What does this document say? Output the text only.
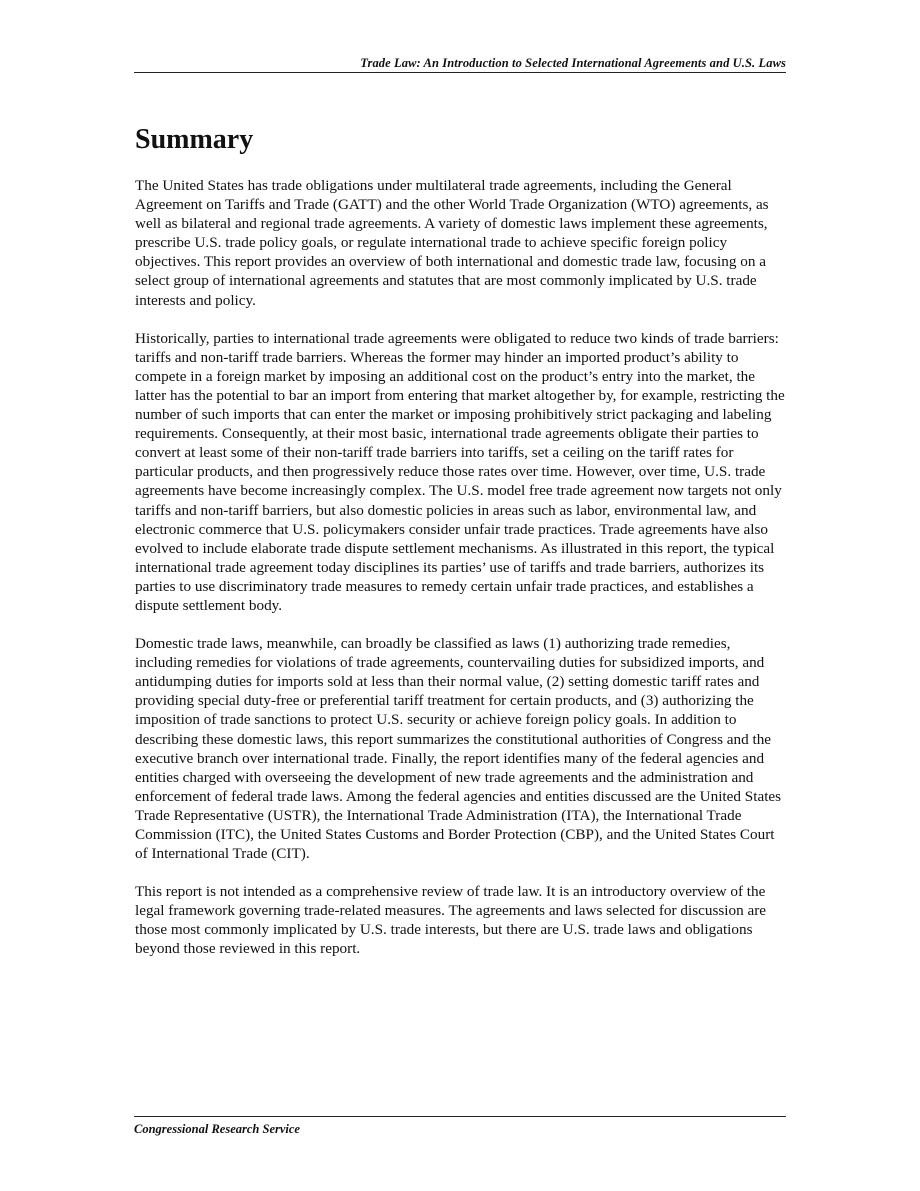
Trade Law: An Introduction to Selected International Agreements and U.S. Laws
Summary

The United States has trade obligations under multilateral trade agreements, including the General Agreement on Tariffs and Trade (GATT) and the other World Trade Organization (WTO) agreements, as well as bilateral and regional trade agreements. A variety of domestic laws implement these agreements, prescribe U.S. trade policy goals, or regulate international trade to achieve specific foreign policy objectives. This report provides an overview of both international and domestic trade law, focusing on a select group of international agreements and statutes that are most commonly implicated by U.S. trade interests and policy.

Historically, parties to international trade agreements were obligated to reduce two kinds of trade barriers: tariffs and non-tariff trade barriers. Whereas the former may hinder an imported product’s ability to compete in a foreign market by imposing an additional cost on the product’s entry into the market, the latter has the potential to bar an import from entering that market altogether by, for example, restricting the number of such imports that can enter the market or imposing prohibitively strict packaging and labeling requirements. Consequently, at their most basic, international trade agreements obligate their parties to convert at least some of their non-tariff trade barriers into tariffs, set a ceiling on the tariff rates for particular products, and then progressively reduce those rates over time. However, over time, U.S. trade agreements have become increasingly complex. The U.S. model free trade agreement now targets not only tariffs and non-tariff barriers, but also domestic policies in areas such as labor, environmental law, and electronic commerce that U.S. policymakers consider unfair trade practices. Trade agreements have also evolved to include elaborate trade dispute settlement mechanisms. As illustrated in this report, the typical international trade agreement today disciplines its parties’ use of tariffs and trade barriers, authorizes its parties to use discriminatory trade measures to remedy certain unfair trade practices, and establishes a dispute settlement body.

Domestic trade laws, meanwhile, can broadly be classified as laws (1) authorizing trade remedies, including remedies for violations of trade agreements, countervailing duties for subsidized imports, and antidumping duties for imports sold at less than their normal value, (2) setting domestic tariff rates and providing special duty-free or preferential tariff treatment for certain products, and (3) authorizing the imposition of trade sanctions to protect U.S. security or achieve foreign policy goals. In addition to describing these domestic laws, this report summarizes the constitutional authorities of Congress and the executive branch over international trade. Finally, the report identifies many of the federal agencies and entities charged with overseeing the development of new trade agreements and the administration and enforcement of federal trade laws. Among the federal agencies and entities discussed are the United States Trade Representative (USTR), the International Trade Administration (ITA), the International Trade Commission (ITC), the United States Customs and Border Protection (CBP), and the United States Court of International Trade (CIT).

This report is not intended as a comprehensive review of trade law. It is an introductory overview of the legal framework governing trade-related measures. The agreements and laws selected for discussion are those most commonly implicated by U.S. trade interests, but there are U.S. trade laws and obligations beyond those reviewed in this report.

Congressional Research Service
